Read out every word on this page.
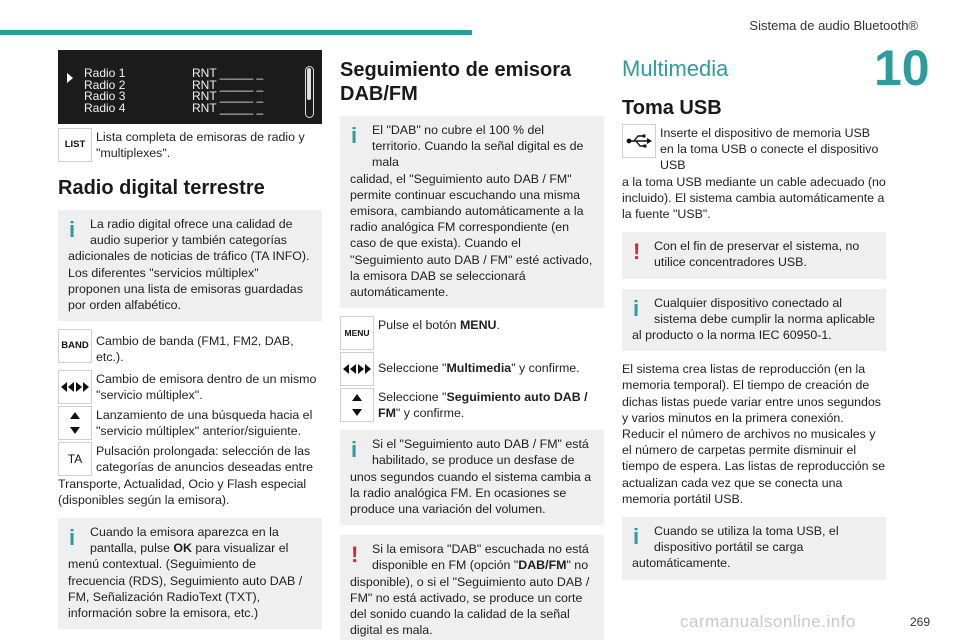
Sistema de audio Bluetooth®
10
Radio 1	RNT _____ _
Radio 2	RNT _____ _
Radio 3	RNT _____ _
Radio 4	RNT _____ _
LIST
Lista completa de emisoras de radio y "multiplexes".
Radio digital terrestre
i	La radio digital ofrece una calidad de audio superior y también categorías

adicionales de noticias de tráfico (TA INFO). Los diferentes "servicios múltiplex" proponen una lista de emisoras guardadas por orden alfabético.

BAND Cambio de banda (FM1, FM2, DAB, etc.).
Cambio de emisora dentro de un mismo "servicio múltiplex".
Lanzamiento de una búsqueda hacia el "servicio múltiplex" anterior/siguiente.
TA
Pulsación prolongada: selección de las categorías de anuncios deseadas entre

Transporte, Actualidad, Ocio y Flash especial (disponibles según la emisora).

i	Cuando la emisora aparezca en la pantalla, pulse OK para visualizar el

menú contextual. (Seguimiento de frecuencia (RDS), Seguimiento auto DAB / FM, Señalización RadioText (TXT), información sobre la emisora, etc.)

Seguimiento de emisora
DAB/FM
i	El "DAB" no cubre el 100 % del territorio. Cuando la señal digital es de mala

calidad, el "Seguimiento auto DAB / FM" permite continuar escuchando una misma emisora, cambiando automáticamente a la radio analógica FM correspondiente (en caso de que exista). Cuando el "Seguimiento auto DAB / FM" esté activado, la emisora DAB se seleccionará automáticamente.

MENU
Pulse el botón MENU.
Seleccione "Multimedia" y confirme.
Seleccione "Seguimiento auto DAB / FM" y confirme.
i	Si el "Seguimiento auto DAB / FM" está habilitado, se produce un desfase de

unos segundos cuando el sistema cambia a la radio analógica FM. En ocasiones se produce una variación del volumen.

!	Si la emisora "DAB" escuchada no está disponible en FM (opción "DAB/FM" no

disponible), o si el "Seguimiento auto DAB / FM" no está activado, se produce un corte del sonido cuando la calidad de la señal digital es mala.

Multimedia
Toma USB
Inserte el dispositivo de memoria USB en la toma USB o conecte el dispositivo USB

a la toma USB mediante un cable adecuado (no incluido). El sistema cambia automáticamente a la fuente "USB".

!	Con el fin de preservar el sistema, no utilice concentradores USB.

i	Cualquier dispositivo conectado al sistema debe cumplir la norma aplicable

al producto o la norma IEC 60950-1.

El sistema crea listas de reproducción (en la memoria temporal). El tiempo de creación de dichas listas puede variar entre unos segundos y varios minutos en la primera conexión. Reducir el número de archivos no musicales y el número de carpetas permite disminuir el tiempo de espera. Las listas de reproducción se actualizan cada vez que se conecta una memoria portátil USB.

i	Cuando se utiliza la toma USB, el dispositivo portátil se carga

automáticamente.

carmanualsonline.info	269
